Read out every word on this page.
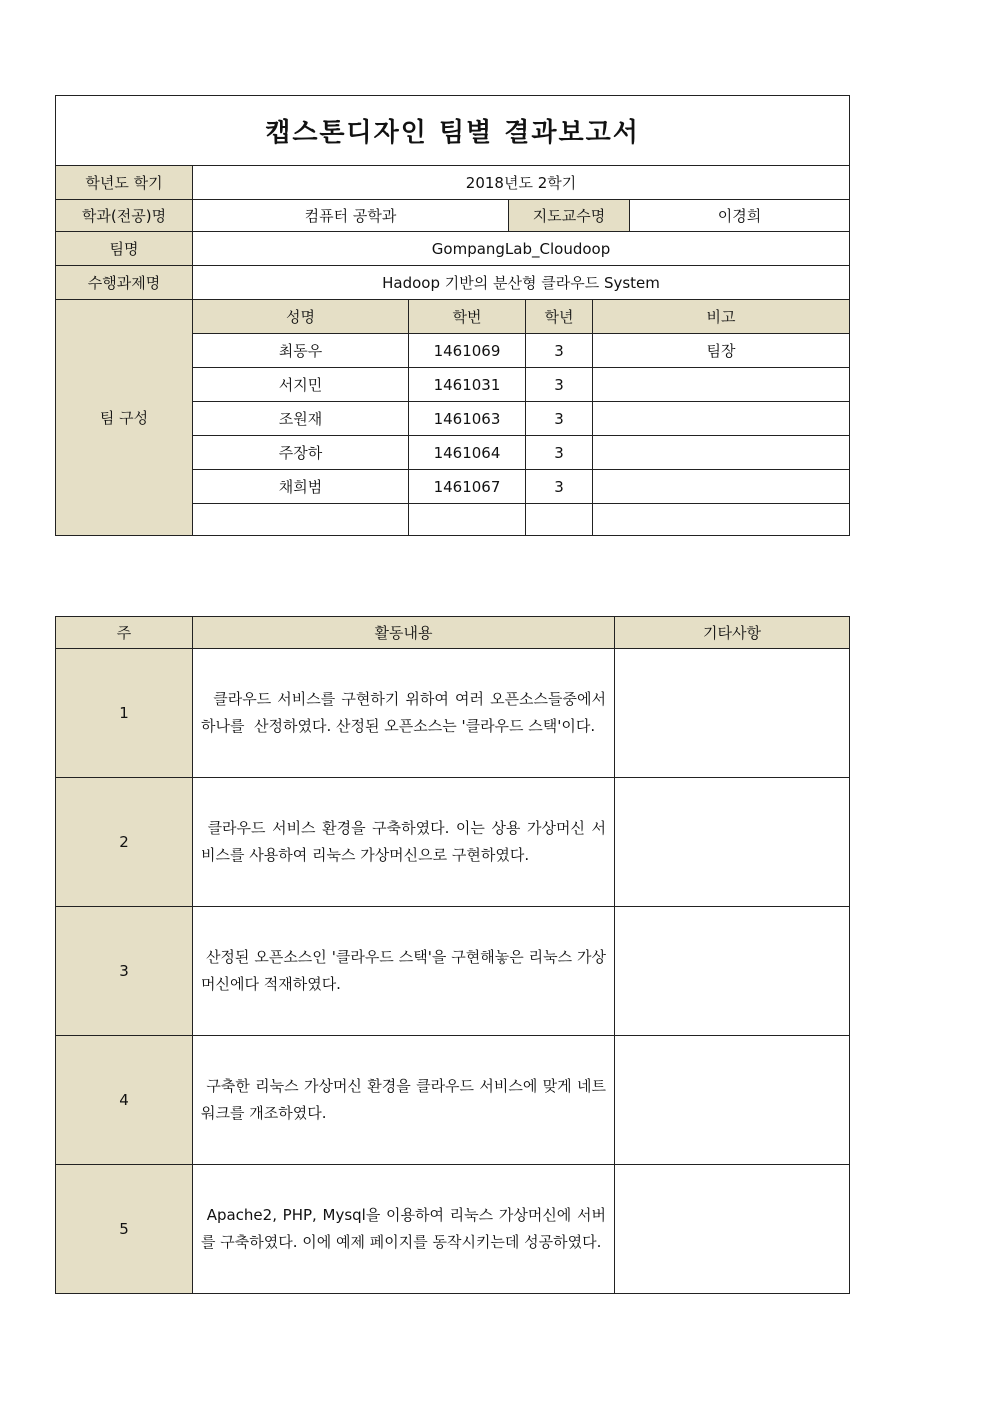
캡스톤디자인 팀별 결과보고서						
학년도 학기	2018년도 2학기					
학과(전공)명	컴퓨터 공학과		지도교수명			이경희
팀명	GompangLab_Cloudoop					
수행과제명	Hadoop 기반의 분산형 클라우드 System					
팀 구성	성명	학번		학년	비고	
	최동우	1461069		3	팀장	
	서지민	1461031		3		
	조원재	1461063		3		
	주장하	1461064		3		
	채희범	1461067		3		

주	활동내용	기타사항
1	클라우드 서비스를 구현하기 위하여 여러 오픈소스들중에서 하나를  산정하였다. 산정된 오픈소스는 '클라우드 스택'이다.	

2	클라우드 서비스 환경을 구축하였다. 이는 상용 가상머신 서비스를 사용하여 리눅스 가상머신으로 구현하였다.	

3	산정된 오픈소스인 '클라우드 스택'을 구현해놓은 리눅스 가상머신에다 적재하였다.	

4	구축한 리눅스 가상머신 환경을 클라우드 서비스에 맞게 네트워크를 개조하였다.	

5	Apache2, PHP, Mysql을 이용하여 리눅스 가상머신에 서버를 구축하였다. 이에 예제 페이지를 동작시키는데 성공하였다.	
